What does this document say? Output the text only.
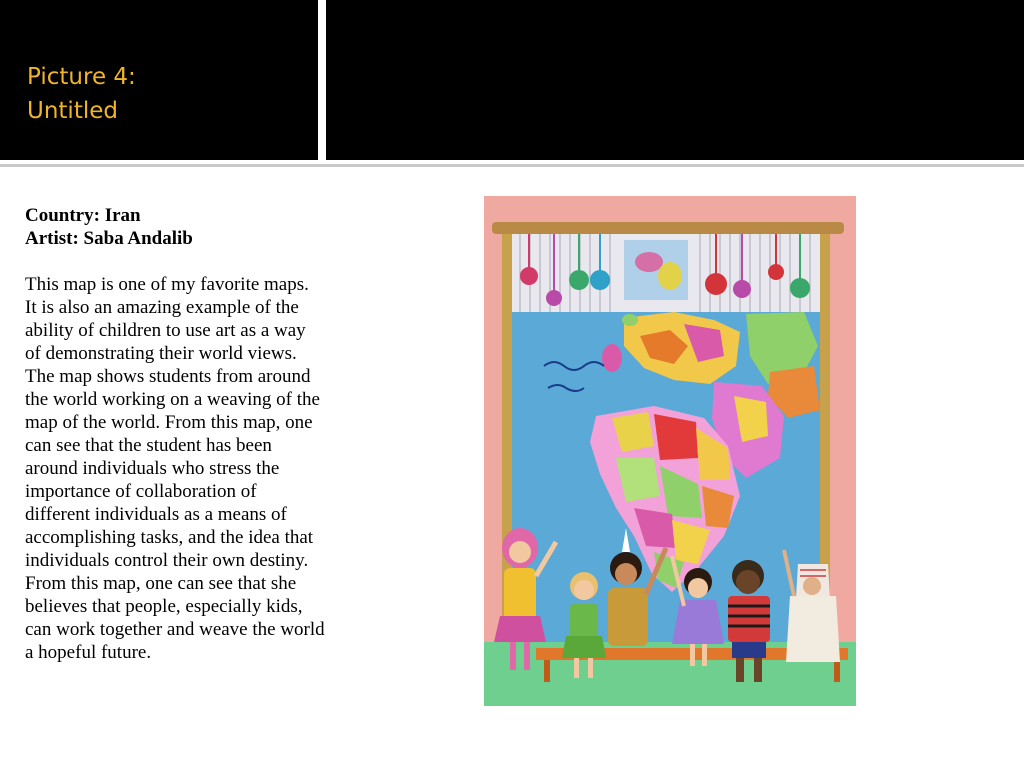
Picture 4:
Untitled
Country: Iran
Artist: Saba Andalib

This map is one of my favorite maps. It is also an amazing example of the ability of children to use art as a way of demonstrating their world views. The map shows students from around the world working on a weaving of the map of the world. From this map, one can see that the student has been around individuals who stress the importance of collaboration of different individuals as a means of accomplishing tasks, and the idea that individuals control their own destiny. From this map, one can see that she believes that people, especially kids, can work together and weave the world a hopeful future.
